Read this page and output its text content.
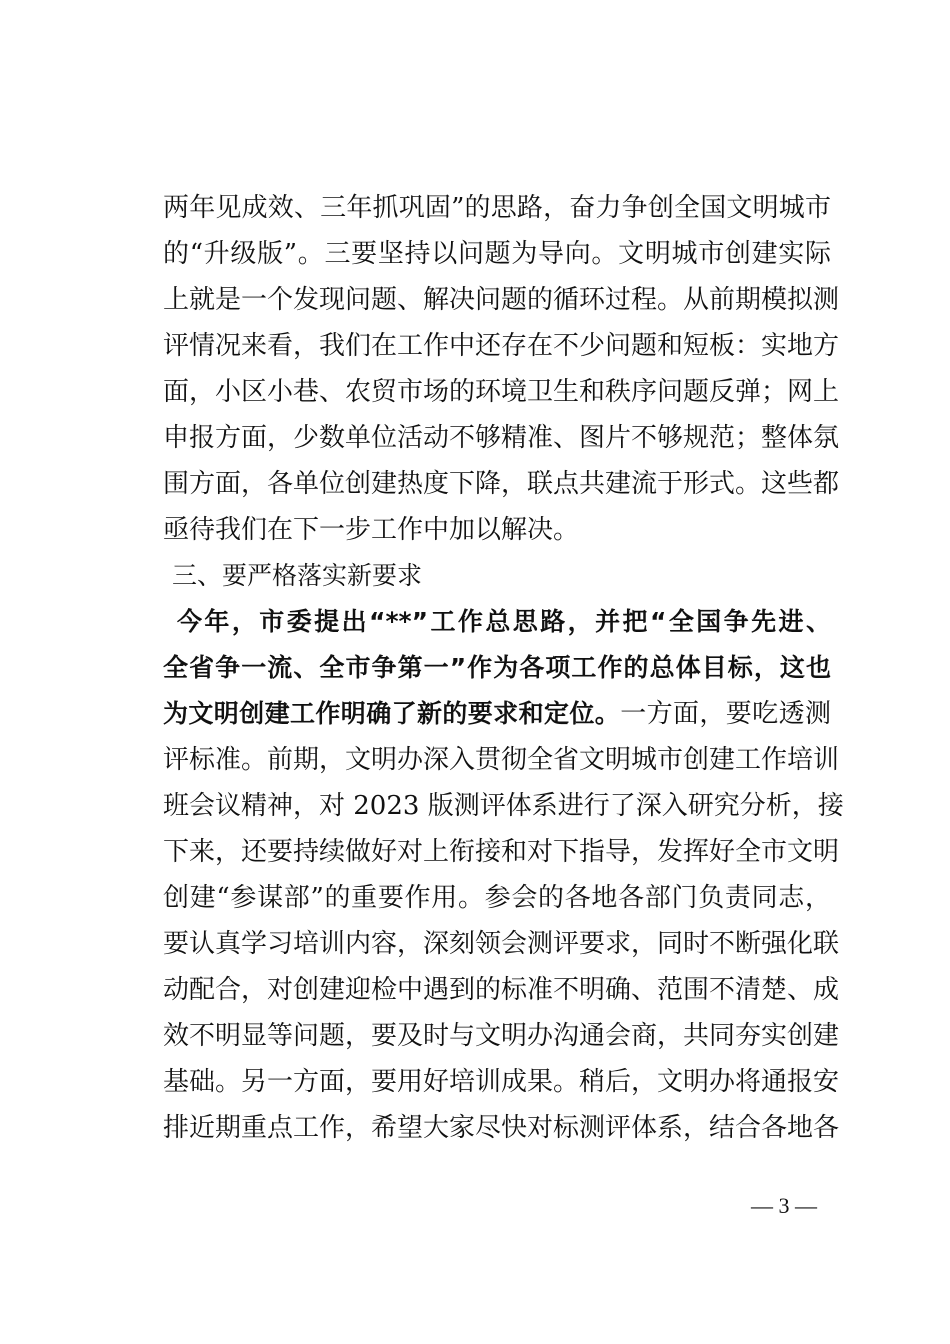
两年见成效、三年抓巩固”的思路，奋力争创全国文明城市
的“升级版”。三要坚持以问题为导向。文明城市创建实际
上就是一个发现问题、解决问题的循环过程。从前期模拟测
评情况来看，我们在工作中还存在不少问题和短板：实地方
面，小区小巷、农贸市场的环境卫生和秩序问题反弹；网上
申报方面，少数单位活动不够精准、图片不够规范；整体氛
围方面，各单位创建热度下降，联点共建流于形式。这些都
亟待我们在下一步工作中加以解决。
三、要严格落实新要求
今年，市委提出“**”工作总思路，并把“全国争先进、
全省争一流、全市争第一”作为各项工作的总体目标，这也
为文明创建工作明确了新的要求和定位。一方面，要吃透测
评标准。前期，文明办深入贯彻全省文明城市创建工作培训
班会议精神，对 2023 版测评体系进行了深入研究分析，接
下来，还要持续做好对上衔接和对下指导，发挥好全市文明
创建“参谋部”的重要作用。参会的各地各部门负责同志，
要认真学习培训内容，深刻领会测评要求，同时不断强化联
动配合，对创建迎检中遇到的标准不明确、范围不清楚、成
效不明显等问题，要及时与文明办沟通会商，共同夯实创建
基础。另一方面，要用好培训成果。稍后，文明办将通报安
排近期重点工作，希望大家尽快对标测评体系，结合各地各
— 3 —
